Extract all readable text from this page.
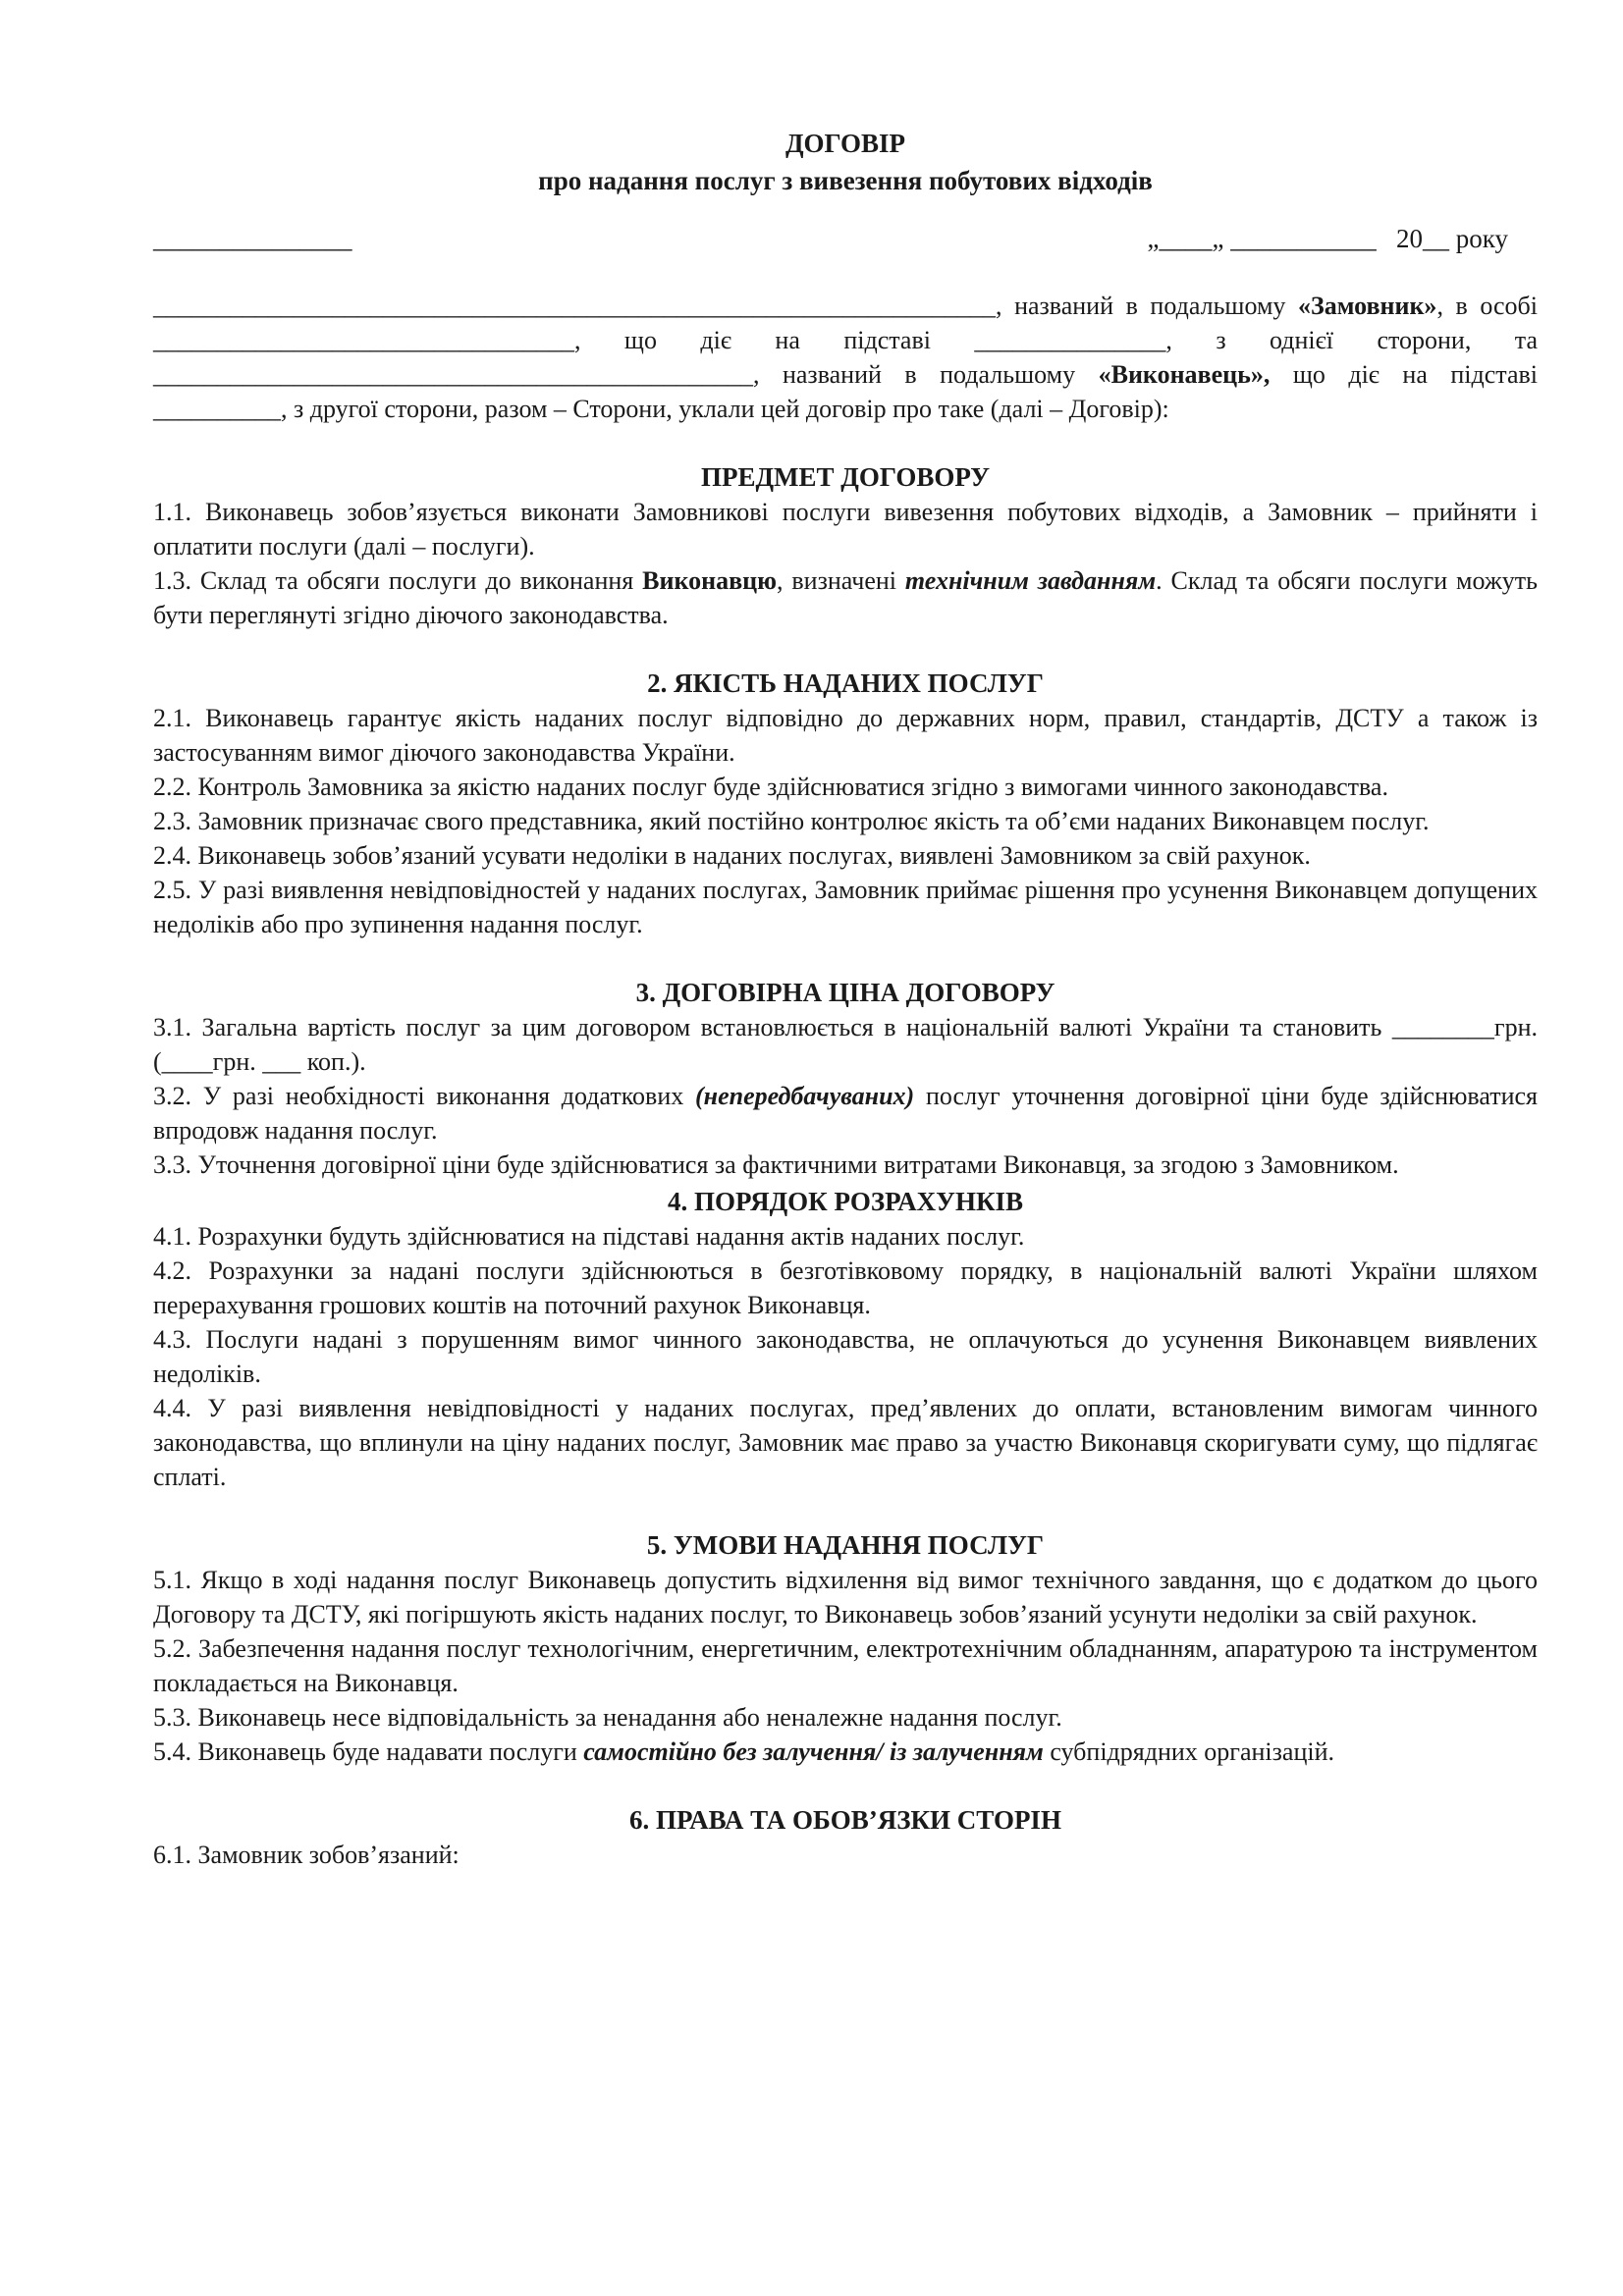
ДОГОВІР

про надання послуг з вивезення побутових відходів

_______________	„____„ ___________ 20__ року

__________________________________________________________________, названий в подальшому «Замовник», в особі _________________________________, що діє на підставі _______________, з однієї сторони, та _______________________________________________, названий в подальшому «Виконавець», що діє на підставі __________, з другої сторони, разом – Сторони, уклали цей договір про таке (далі – Договір):

ПРЕДМЕТ ДОГОВОРУ

1.1. Виконавець зобов’язується виконати Замовникові послуги вивезення побутових відходів, а Замовник – прийняти і оплатити послуги (далі – послуги).

1.3. Склад та обсяги послуги до виконання Виконавцю, визначені технічним завданням. Склад та обсяги послуги можуть бути переглянуті згідно діючого законодавства.

2. ЯКІСТЬ НАДАНИХ ПОСЛУГ

2.1. Виконавець гарантує якість наданих послуг відповідно до державних норм, правил, стандартів, ДСТУ а також із застосуванням вимог діючого законодавства України.

2.2. Контроль Замовника за якістю наданих послуг буде здійснюватися згідно з вимогами чинного законодавства.

2.3. Замовник призначає свого представника, який постійно контролює якість та об’єми наданих Виконавцем послуг.

2.4. Виконавець зобов’язаний усувати недоліки в наданих послугах, виявлені Замовником за свій рахунок.

2.5. У разі виявлення невідповідностей у наданих послугах, Замовник приймає рішення про усунення Виконавцем допущених недоліків або про зупинення надання послуг.

3. ДОГОВІРНА ЦІНА ДОГОВОРУ

3.1. Загальна вартість послуг за цим договором встановлюється в національній валюті України та становить ________грн. (____грн. ___ коп.).

3.2. У разі необхідності виконання додаткових (непередбачуваних) послуг уточнення договірної ціни буде здійснюватися впродовж надання послуг.

3.3. Уточнення договірної ціни буде здійснюватися за фактичними витратами Виконавця, за згодою з Замовником.

4. ПОРЯДОК РОЗРАХУНКІВ

4.1. Розрахунки будуть здійснюватися на підставі надання актів наданих послуг.

4.2. Розрахунки за надані послуги здійснюються в безготівковому порядку, в національній валюті України шляхом перерахування грошових коштів на поточний рахунок Виконавця.

4.3. Послуги надані з порушенням вимог чинного законодавства, не оплачуються до усунення Виконавцем виявлених недоліків.

4.4. У разі виявлення невідповідності у наданих послугах, пред’явлених до оплати, встановленим вимогам чинного законодавства, що вплинули на ціну наданих послуг, Замовник має право за участю Виконавця скоригувати суму, що підлягає сплаті.

5. УМОВИ НАДАННЯ ПОСЛУГ

5.1. Якщо в ході надання послуг Виконавець допустить відхилення від вимог технічного завдання, що є додатком до цього Договору та ДСТУ, які погіршують якість наданих послуг, то Виконавець зобов’язаний усунути недоліки за свій рахунок.

5.2. Забезпечення надання послуг технологічним, енергетичним, електротехнічним обладнанням, апаратурою та інструментом покладається на Виконавця.

5.3. Виконавець несе відповідальність за ненадання або неналежне надання послуг.

5.4. Виконавець буде надавати послуги самостійно без залучення/ із залученням субпідрядних організацій.

6. ПРАВА ТА ОБОВ’ЯЗКИ СТОРІН

6.1. Замовник зобов’язаний:
